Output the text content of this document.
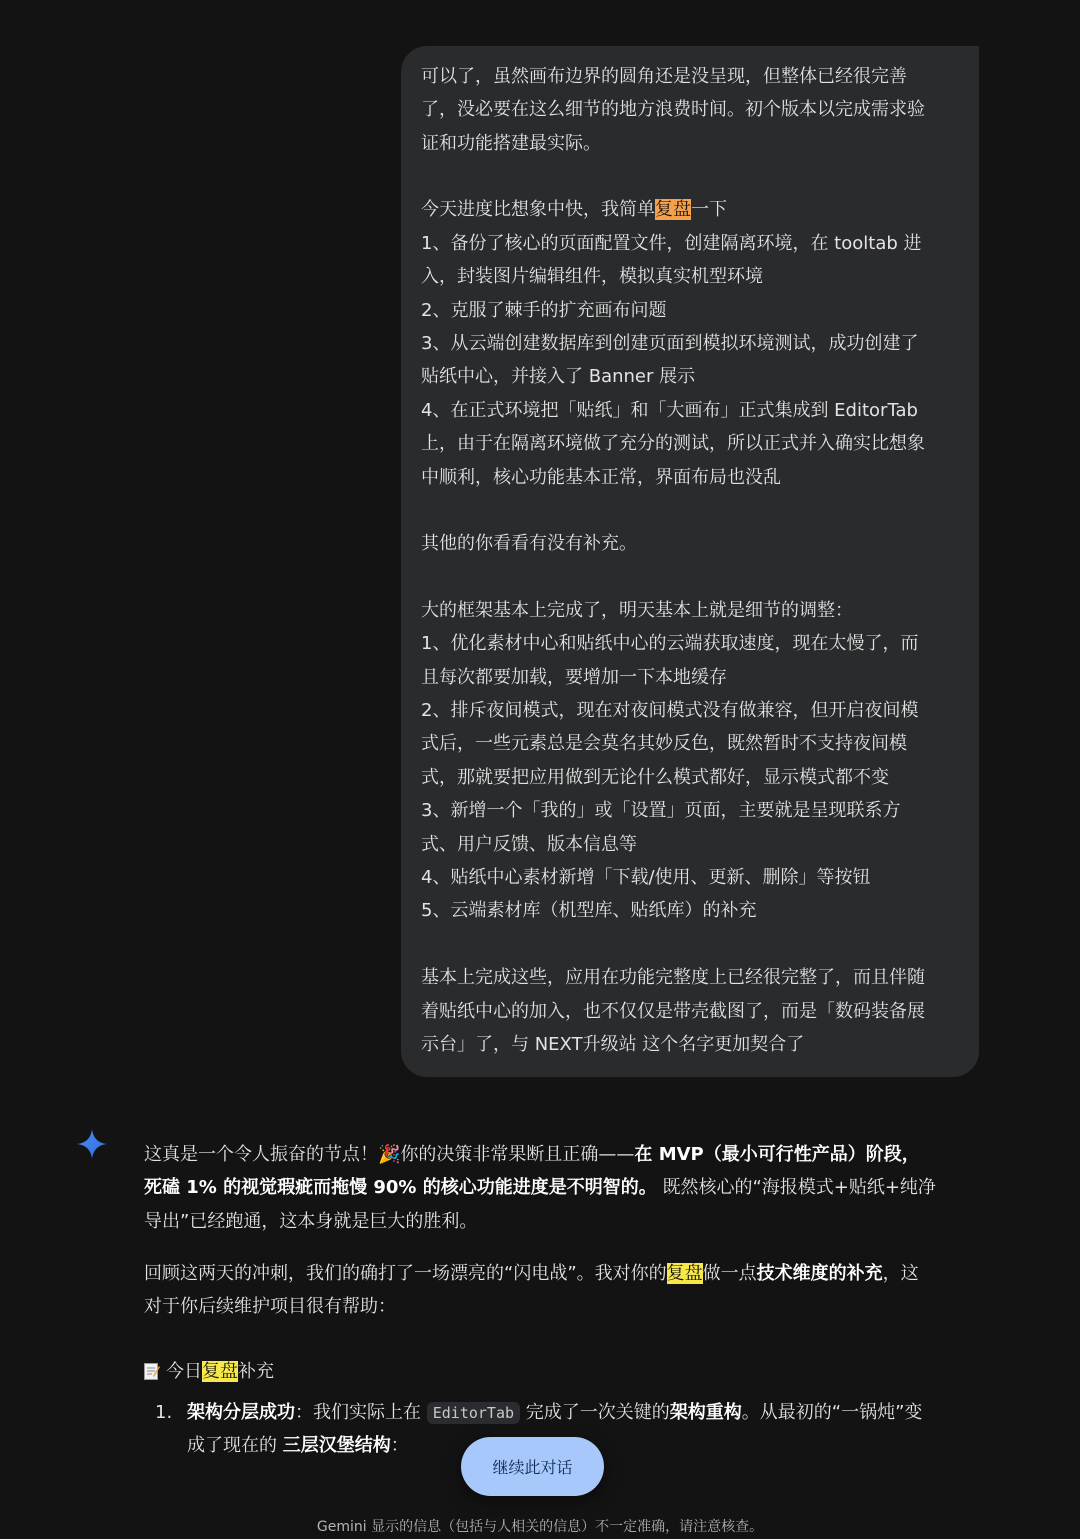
可以了，虽然画布边界的圆角还是没呈现，但整体已经很完善
了，没必要在这么细节的地方浪费时间。初个版本以完成需求验
证和功能搭建最实际。
今天进度比想象中快，我简单复盘一下
1、备份了核心的页面配置文件，创建隔离环境，在 tooltab 进
入，封装图片编辑组件，模拟真实机型环境
2、克服了棘手的扩充画布问题
3、从云端创建数据库到创建页面到模拟环境测试，成功创建了
贴纸中心，并接入了 Banner 展示
4、在正式环境把「贴纸」和「大画布」正式集成到 EditorTab
上，由于在隔离环境做了充分的测试，所以正式并入确实比想象
中顺利，核心功能基本正常，界面布局也没乱
其他的你看看有没有补充。
大的框架基本上完成了，明天基本上就是细节的调整：
1、优化素材中心和贴纸中心的云端获取速度，现在太慢了，而
且每次都要加载，要增加一下本地缓存
2、排斥夜间模式，现在对夜间模式没有做兼容，但开启夜间模
式后，一些元素总是会莫名其妙反色，既然暂时不支持夜间模
式，那就要把应用做到无论什么模式都好，显示模式都不变
3、新增一个「我的」或「设置」页面，主要就是呈现联系方
式、用户反馈、版本信息等
4、贴纸中心素材新增「下载/使用、更新、删除」等按钮
5、云端素材库（机型库、贴纸库）的补充
基本上完成这些，应用在功能完整度上已经很完整了，而且伴随
着贴纸中心的加入，也不仅仅是带壳截图了，而是「数码装备展
示台」了，与 NEXT升级站 这个名字更加契合了
这真是一个令人振奋的节点！🎉你的决策非常果断且正确——在 MVP（最小可行性产品）阶段，
死磕 1% 的视觉瑕疵而拖慢 90% 的核心功能进度是不明智的。 既然核心的“海报模式+贴纸+纯净
导出”已经跑通，这本身就是巨大的胜利。
回顾这两天的冲刺，我们的确打了一场漂亮的“闪电战”。我对你的复盘做一点技术维度的补充，这
对于你后续维护项目很有帮助：
今日复盘补充
1. 架构分层成功：我们实际上在 EditorTab 完成了一次关键的架构重构。从最初的“一锅炖”变
成了现在的 三层汉堡结构：
继续此对话
Gemini 显示的信息（包括与人相关的信息）不一定准确，请注意核查。
